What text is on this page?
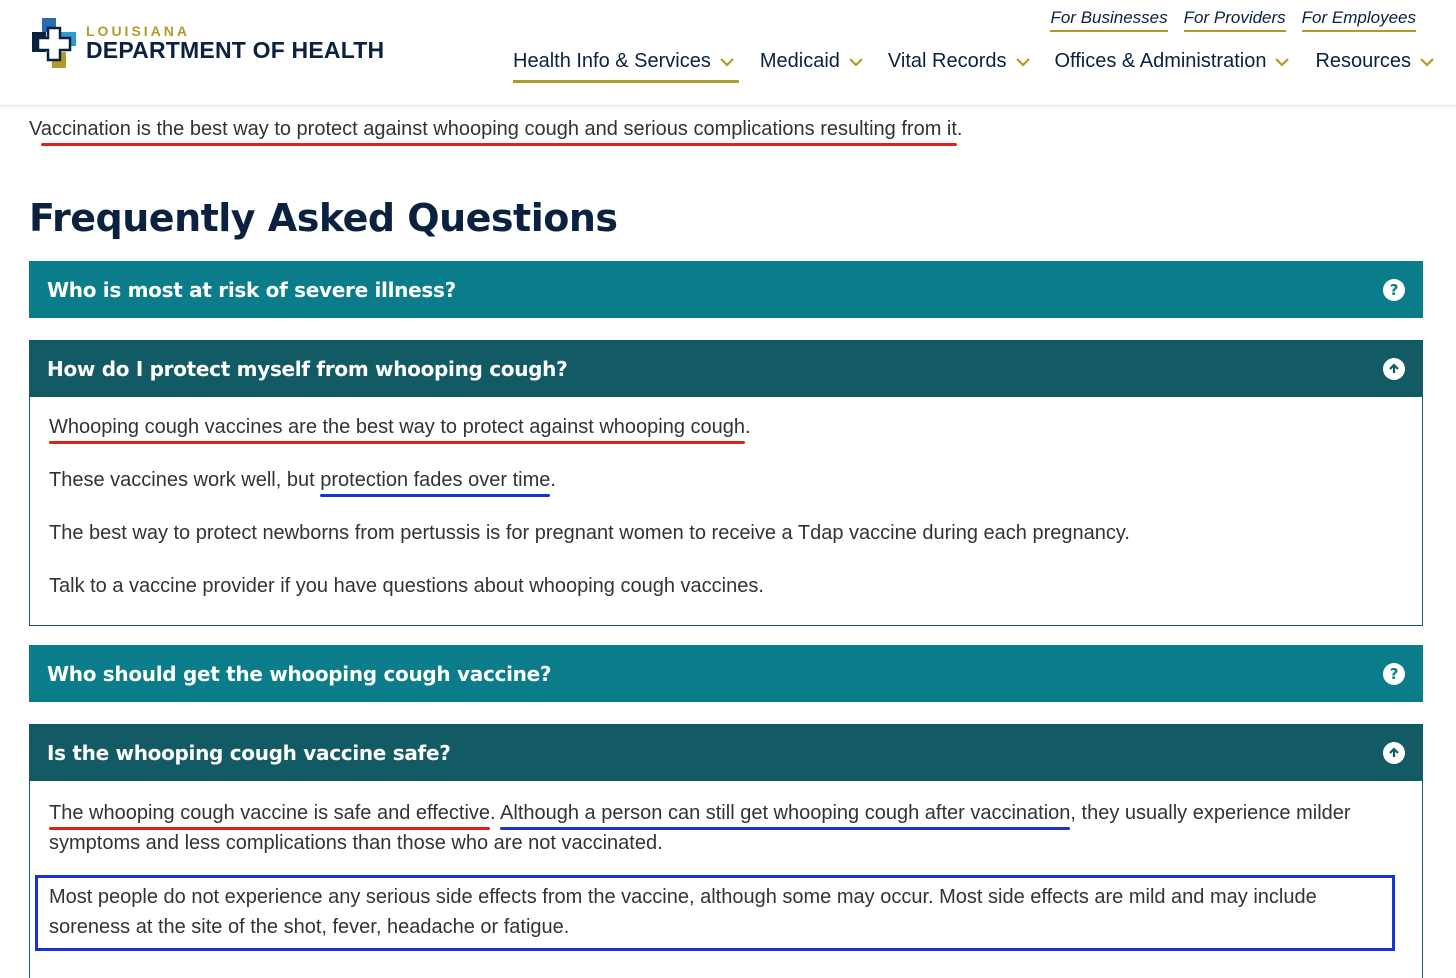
LOUISIANA
DEPARTMENT OF HEALTH
For Businesses For Providers For Employees
Health Info & Services Medicaid Vital Records Offices & Administration Resources
Vaccination is the best way to protect against whooping cough and serious complications resulting from it.
Frequently Asked Questions
Who is most at risk of severe illness?	?
How do I protect myself from whooping cough?

Whooping cough vaccines are the best way to protect against whooping cough.

These vaccines work well, but protection fades over time.

The best way to protect newborns from pertussis is for pregnant women to receive a Tdap vaccine during each pregnancy.

Talk to a vaccine provider if you have questions about whooping cough vaccines.

Who should get the whooping cough vaccine?	?
Is the whooping cough vaccine safe?

The whooping cough vaccine is safe and effective. Although a person can still get whooping cough after vaccination, they usually experience milder symptoms and less complications than those who are not vaccinated.

Most people do not experience any serious side effects from the vaccine, although some may occur. Most side effects are mild and may include soreness at the site of the shot, fever, headache or fatigue.
